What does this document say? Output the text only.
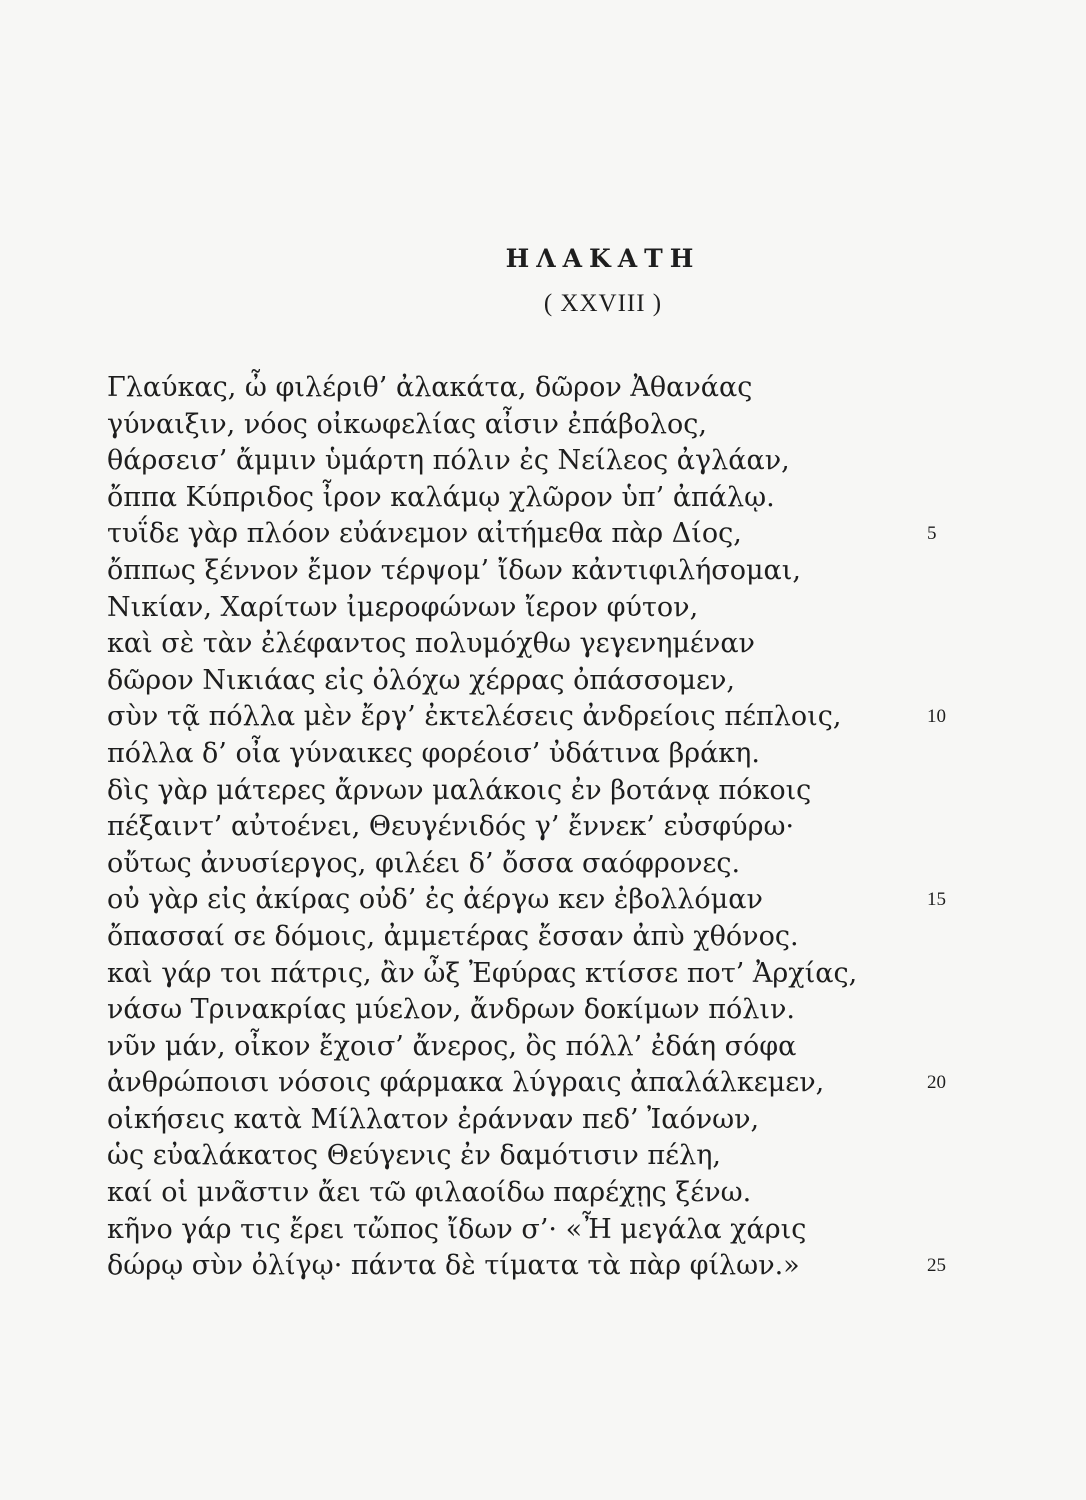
ΗΛΑΚΑΤΗ
( XXVIII )
Γλαύκας, ὦ φιλέριθ’ ἀλακάτα, δῶρον Ἀθανάας
γύναιξιν, νόος οἰκωφελίας αἶσιν ἐπάβολος,
θάρσεισ’ ἄμμιν ὑμάρτη πόλιν ἐς Νείλεος ἀγλάαν,
ὄππα Κύπριδος ἶρον καλάμῳ χλῶρον ὑπ’ ἀπάλῳ.
τυΐδε γὰρ πλόον εὐάνεμον αἰτήμεθα πὰρ Δίος,	5
ὄππως ξέννον ἔμον τέρψομ’ ἴδων κἀντιφιλήσομαι,
Νικίαν, Χαρίτων ἰμεροφώνων ἴερον φύτον,
καὶ σὲ τὰν ἐλέφαντος πολυμόχθω γεγενημέναν
δῶρον Νικιάας εἰς ὀλόχω χέρρας ὀπάσσομεν,
σὺν τᾷ πόλλα μὲν ἔργ’ ἐκτελέσεις ἀνδρείοις πέπλοις,	10
πόλλα δ’ οἶα γύναικες φορέοισ’ ὐδάτινα βράκη.
δὶς γὰρ μάτερες ἄρνων μαλάκοις ἐν βοτάνᾳ πόκοις
πέξαιντ’ αὐτοένει, Θευγένιδός γ’ ἔννεκ’ εὐσφύρω·
οὔτως ἀνυσίεργος, φιλέει δ’ ὄσσα σαόφρονες.
οὐ γὰρ εἰς ἀκίρας οὐδ’ ἐς ἀέργω κεν ἐβολλόμαν	15
ὄπασσαί σε δόμοις, ἀμμετέρας ἔσσαν ἀπὺ χθόνος.
καὶ γάρ τοι πάτρις, ἂν ὦξ Ἐφύρας κτίσσε ποτ’ Ἀρχίας,
νάσω Τρινακρίας μύελον, ἄνδρων δοκίμων πόλιν.
νῦν μάν, οἶκον ἔχοισ’ ἄνερος, ὂς πόλλ’ ἐδάη σόφα
ἀνθρώποισι νόσοις φάρμακα λύγραις ἀπαλάλκεμεν,	20
οἰκήσεις κατὰ Μίλλατον ἐράνναν πεδ’ Ἰαόνων,
ὡς εὐαλάκατος Θεύγενις ἐν δαμότισιν πέλη,
καί οἱ μνᾶστιν ἄει τῶ φιλαοίδω παρέχῃς ξένω.
κῆνο γάρ τις ἔρει τὤπος ἴδων σ’· «Ἦ μεγάλα χάρις
δώρῳ σὺν ὀλίγῳ· πάντα δὲ τίματα τὰ πὰρ φίλων.»	25
